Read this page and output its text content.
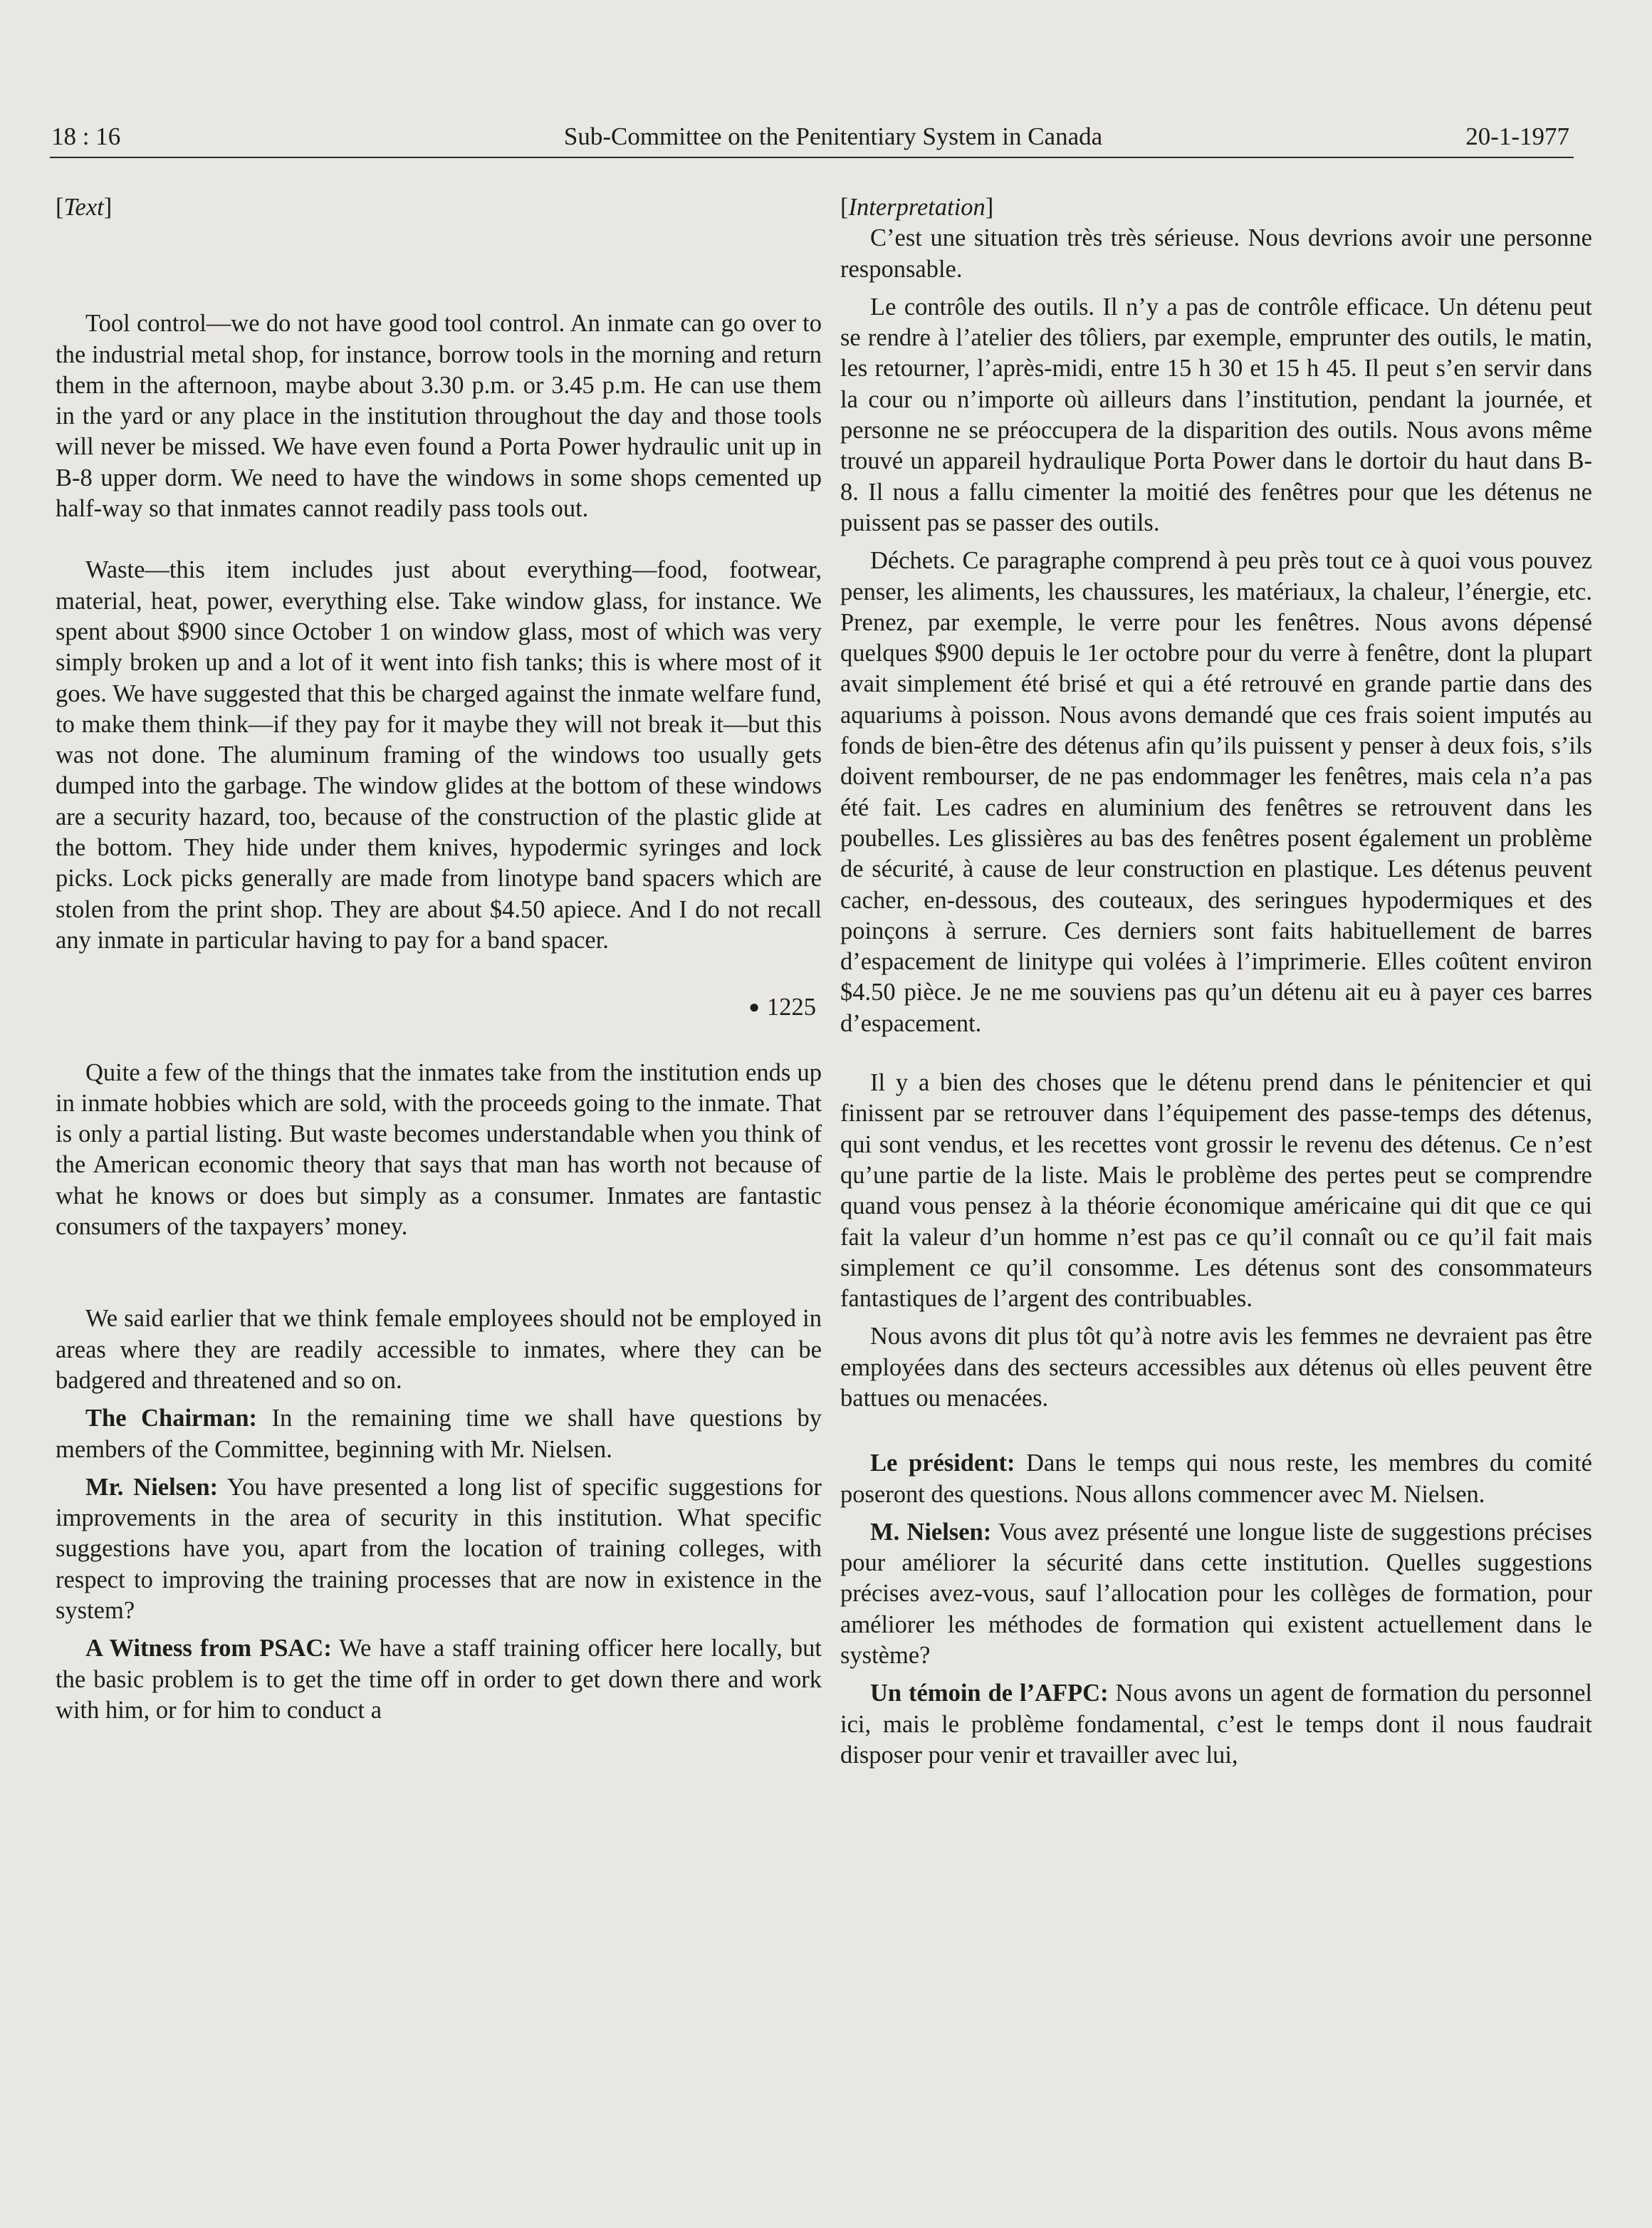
18 : 16	Sub-Committee on the Penitentiary System in Canada	20-1-1977

[Text]

Tool control—we do not have good tool control. An inmate can go over to the industrial metal shop, for instance, borrow tools in the morning and return them in the afternoon, maybe about 3.30 p.m. or 3.45 p.m. He can use them in the yard or any place in the institution throughout the day and those tools will never be missed. We have even found a Porta Power hydraulic unit up in B-8 upper dorm. We need to have the windows in some shops cemented up half-way so that inmates cannot readily pass tools out.

Waste—this item includes just about everything—food, footwear, material, heat, power, everything else. Take window glass, for instance. We spent about $900 since October 1 on window glass, most of which was very simply broken up and a lot of it went into fish tanks; this is where most of it goes. We have suggested that this be charged against the inmate welfare fund, to make them think—if they pay for it maybe they will not break it—but this was not done. The aluminum framing of the windows too usually gets dumped into the garbage. The window glides at the bottom of these windows are a security hazard, too, because of the construction of the plastic glide at the bottom. They hide under them knives, hypodermic syringes and lock picks. Lock picks generally are made from linotype band spacers which are stolen from the print shop. They are about $4.50 apiece. And I do not recall any inmate in particular having to pay for a band spacer.

● 1225

Quite a few of the things that the inmates take from the institution ends up in inmate hobbies which are sold, with the proceeds going to the inmate. That is only a partial listing. But waste becomes understandable when you think of the American economic theory that says that man has worth not because of what he knows or does but simply as a consumer. Inmates are fantastic consumers of the taxpayers’ money.

We said earlier that we think female employees should not be employed in areas where they are readily accessible to inmates, where they can be badgered and threatened and so on.

The Chairman: In the remaining time we shall have questions by members of the Committee, beginning with Mr. Nielsen.

Mr. Nielsen: You have presented a long list of specific suggestions for improvements in the area of security in this institution. What specific suggestions have you, apart from the location of training colleges, with respect to improving the training processes that are now in existence in the system?

A Witness from PSAC: We have a staff training officer here locally, but the basic problem is to get the time off in order to get down there and work with him, or for him to conduct a

[Interpretation]

C’est une situation très très sérieuse. Nous devrions avoir une personne responsable.

Le contrôle des outils. Il n’y a pas de contrôle efficace. Un détenu peut se rendre à l’atelier des tôliers, par exemple, emprunter des outils, le matin, les retourner, l’après-midi, entre 15 h 30 et 15 h 45. Il peut s’en servir dans la cour ou n’importe où ailleurs dans l’institution, pendant la journée, et personne ne se préoccupera de la disparition des outils. Nous avons même trouvé un appareil hydraulique Porta Power dans le dortoir du haut dans B-8. Il nous a fallu cimenter la moitié des fenêtres pour que les détenus ne puissent pas se passer des outils.

Déchets. Ce paragraphe comprend à peu près tout ce à quoi vous pouvez penser, les aliments, les chaussures, les matériaux, la chaleur, l’énergie, etc. Prenez, par exemple, le verre pour les fenêtres. Nous avons dépensé quelques $900 depuis le 1er octobre pour du verre à fenêtre, dont la plupart avait simplement été brisé et qui a été retrouvé en grande partie dans des aquariums à poisson. Nous avons demandé que ces frais soient imputés au fonds de bien-être des détenus afin qu’ils puissent y penser à deux fois, s’ils doivent rembourser, de ne pas endommager les fenêtres, mais cela n’a pas été fait. Les cadres en aluminium des fenêtres se retrouvent dans les poubelles. Les glissières au bas des fenêtres posent également un problème de sécurité, à cause de leur construction en plastique. Les détenus peuvent cacher, en-dessous, des couteaux, des seringues hypodermiques et des poinçons à serrure. Ces derniers sont faits habituellement de barres d’espacement de linitype qui volées à l’imprimerie. Elles coûtent environ $4.50 pièce. Je ne me souviens pas qu’un détenu ait eu à payer ces barres d’espacement.

Il y a bien des choses que le détenu prend dans le pénitencier et qui finissent par se retrouver dans l’équipement des passe-temps des détenus, qui sont vendus, et les recettes vont grossir le revenu des détenus. Ce n’est qu’une partie de la liste. Mais le problème des pertes peut se comprendre quand vous pensez à la théorie économique américaine qui dit que ce qui fait la valeur d’un homme n’est pas ce qu’il connaît ou ce qu’il fait mais simplement ce qu’il consomme. Les détenus sont des consommateurs fantastiques de l’argent des contribuables.

Nous avons dit plus tôt qu’à notre avis les femmes ne devraient pas être employées dans des secteurs accessibles aux détenus où elles peuvent être battues ou menacées.

Le président: Dans le temps qui nous reste, les membres du comité poseront des questions. Nous allons commencer avec M. Nielsen.

M. Nielsen: Vous avez présenté une longue liste de suggestions précises pour améliorer la sécurité dans cette institution. Quelles suggestions précises avez-vous, sauf l’allocation pour les collèges de formation, pour améliorer les méthodes de formation qui existent actuellement dans le système?

Un témoin de l’AFPC: Nous avons un agent de formation du personnel ici, mais le problème fondamental, c’est le temps dont il nous faudrait disposer pour venir et travailler avec lui,
